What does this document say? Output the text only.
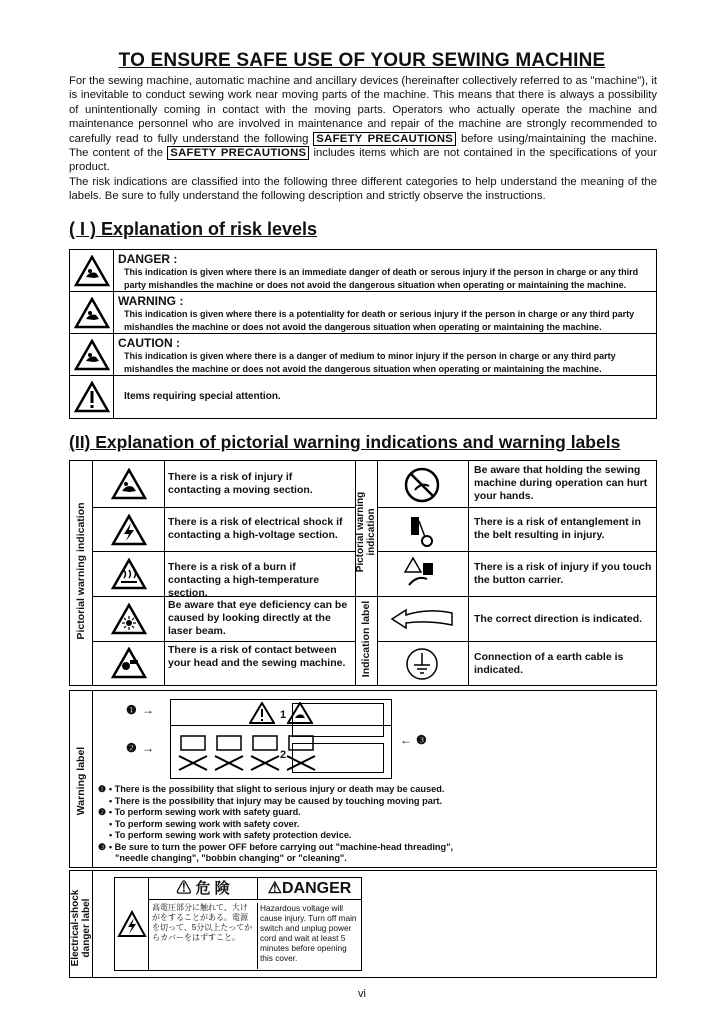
TO ENSURE SAFE USE OF YOUR SEWING MACHINE

For the sewing machine, automatic machine and ancillary devices (hereinafter collectively referred to as "machine"), it is inevitable to conduct sewing work near moving parts of the machine. This means that there is always a possibility of unintentionally coming in contact with the moving parts. Operators who actually operate the machine and maintenance personnel who are involved in maintenance and repair of the machine are strongly recommended to carefully read to fully understand the following SAFETY PRECAUTIONS before using/maintaining the machine. The content of the SAFETY PRECAUTIONS includes items which are not contained in the specifications of your product.

The risk indications are classified into the following three different categories to help understand the meaning of the labels. Be sure to fully understand the following description and strictly observe the instructions.

( I ) Explanation of risk levels
DANGER :
This indication is given where there is an immediate danger of death or serous injury if the person in charge or any third party mishandles the machine or does not avoid the dangerous situation when operating or maintaining the machine.
WARNING :
This indication is given where there is a potentiality for death or serious injury if the person in charge or any third party mishandles the machine or does not avoid the dangerous situation when operating or maintaining the machine.
CAUTION :
This indication is given where there is a danger of medium to minor injury if the person in charge or any third party mishandles the machine or does not avoid the dangerous situation when operating or maintaining the machine.
Items requiring special attention.
(II) Explanation of pictorial warning indications and warning labels
Pictorial warning indication	Pictorial warning indication
Indication label
There is a risk of injury if contacting a moving section.
There is a risk of electrical shock if contacting a high-voltage section.
There is a risk of a burn if contacting a high-temperature section.
Be aware that eye deficiency can be caused by looking directly at the laser beam.
There is a risk of contact between your head and the sewing machine.
Be aware that holding the sewing machine during operation can hurt your hands.
There is a risk of entanglement in the belt resulting in injury.
There is a risk of injury if you touch the button carrier.
The correct direction is indicated.
Connection of a earth cable is indicated.
Warning label
❶ →
❷ →
1
2
← ❸
❶ • There is the possibility that slight to serious injury or death may be caused.
• There is the possibility that injury may be caused by touching moving part.
❷ • To perform sewing work with safety guard.
• To perform sewing work with safety cover.
• To perform sewing work with safety protection device.
❸ • Be sure to turn the power OFF before carrying out "machine-head threading",
"needle changing", "bobbin changing" or "cleaning".
Electrical-shock danger label
⚠ 危 険	⚠DANGER
高電圧部分に触れて、大けがをすることがある。電源を切って、5分以上たってからカバーをはずすこと。
Hazardous voltage will cause injury. Turn off main switch and unplug power cord and wait at least 5 minutes before opening this cover.
vi
